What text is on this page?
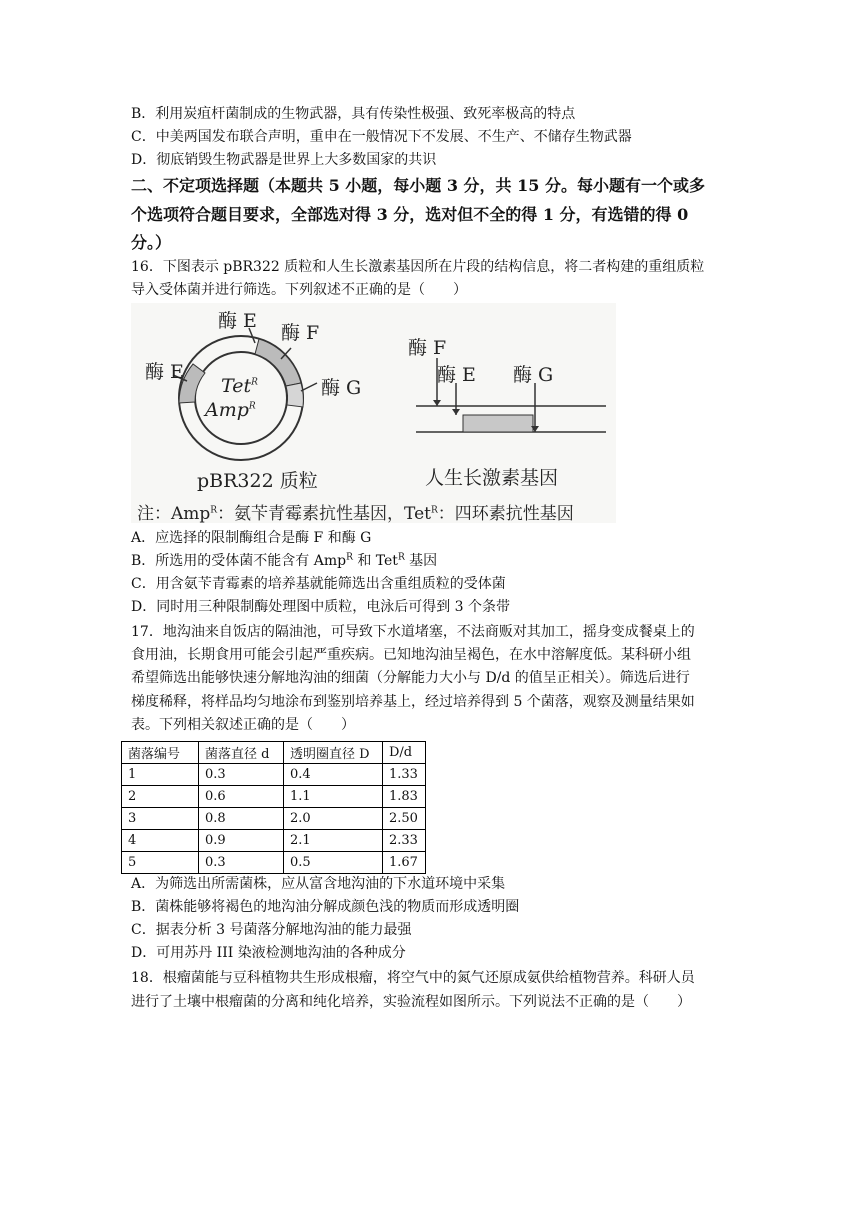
B．利用炭疽杆菌制成的生物武器，具有传染性极强、致死率极高的特点
C．中美两国发布联合声明，重申在一般情况下不发展、不生产、不储存生物武器
D．彻底销毁生物武器是世界上大多数国家的共识
二、不定项选择题（本题共 5 小题，每小题 3 分，共 15 分。每小题有一个或多
个选项符合题目要求，全部选对得 3 分，选对但不全的得 1 分，有选错的得 0
分。）
16．下图表示 pBR322 质粒和人生长激素基因所在片段的结构信息，将二者构建的重组质粒
导入受体菌并进行筛选。下列叙述不正确的是（　　）
酶 E
酶 F
酶 E
酶 G
Tet$^R$
Amp$^R$
酶 F
酶 E 酶 G
pBR322 质粒	人生长激素基因
注：Amp$^R$：氨苄青霉素抗性基因，Tet$^R$：四环素抗性基因
A．应选择的限制酶组合是酶 F 和酶 G
B．所选用的受体菌不能含有 Amp$^R$ 和 Tet$^R$ 基因
C．用含氨苄青霉素的培养基就能筛选出含重组质粒的受体菌
D．同时用三种限制酶处理图中质粒，电泳后可得到 3 个条带
17．地沟油来自饭店的隔油池，可导致下水道堵塞，不法商贩对其加工，摇身变成餐桌上的
食用油，长期食用可能会引起严重疾病。已知地沟油呈褐色，在水中溶解度低。某科研小组
希望筛选出能够快速分解地沟油的细菌（分解能力大小与 D/d 的值呈正相关）。筛选后进行
梯度稀释，将样品均匀地涂布到鉴别培养基上，经过培养得到 5 个菌落，观察及测量结果如
表。下列相关叙述正确的是（　　）
菌落编号	菌落直径 d	透明圈直径 D	D/d
1	0.3	0.4	1.33
2	0.6	1.1	1.83
3	0.8	2.0	2.50
4	0.9	2.1	2.33
5	0.3	0.5	1.67
A．为筛选出所需菌株，应从富含地沟油的下水道环境中采集
B．菌株能够将褐色的地沟油分解成颜色浅的物质而形成透明圈
C．据表分析 3 号菌落分解地沟油的能力最强
D．可用苏丹 III 染液检测地沟油的各种成分
18．根瘤菌能与豆科植物共生形成根瘤，将空气中的氮气还原成氨供给植物营养。科研人员
进行了土壤中根瘤菌的分离和纯化培养，实验流程如图所示。下列说法不正确的是（　　）
